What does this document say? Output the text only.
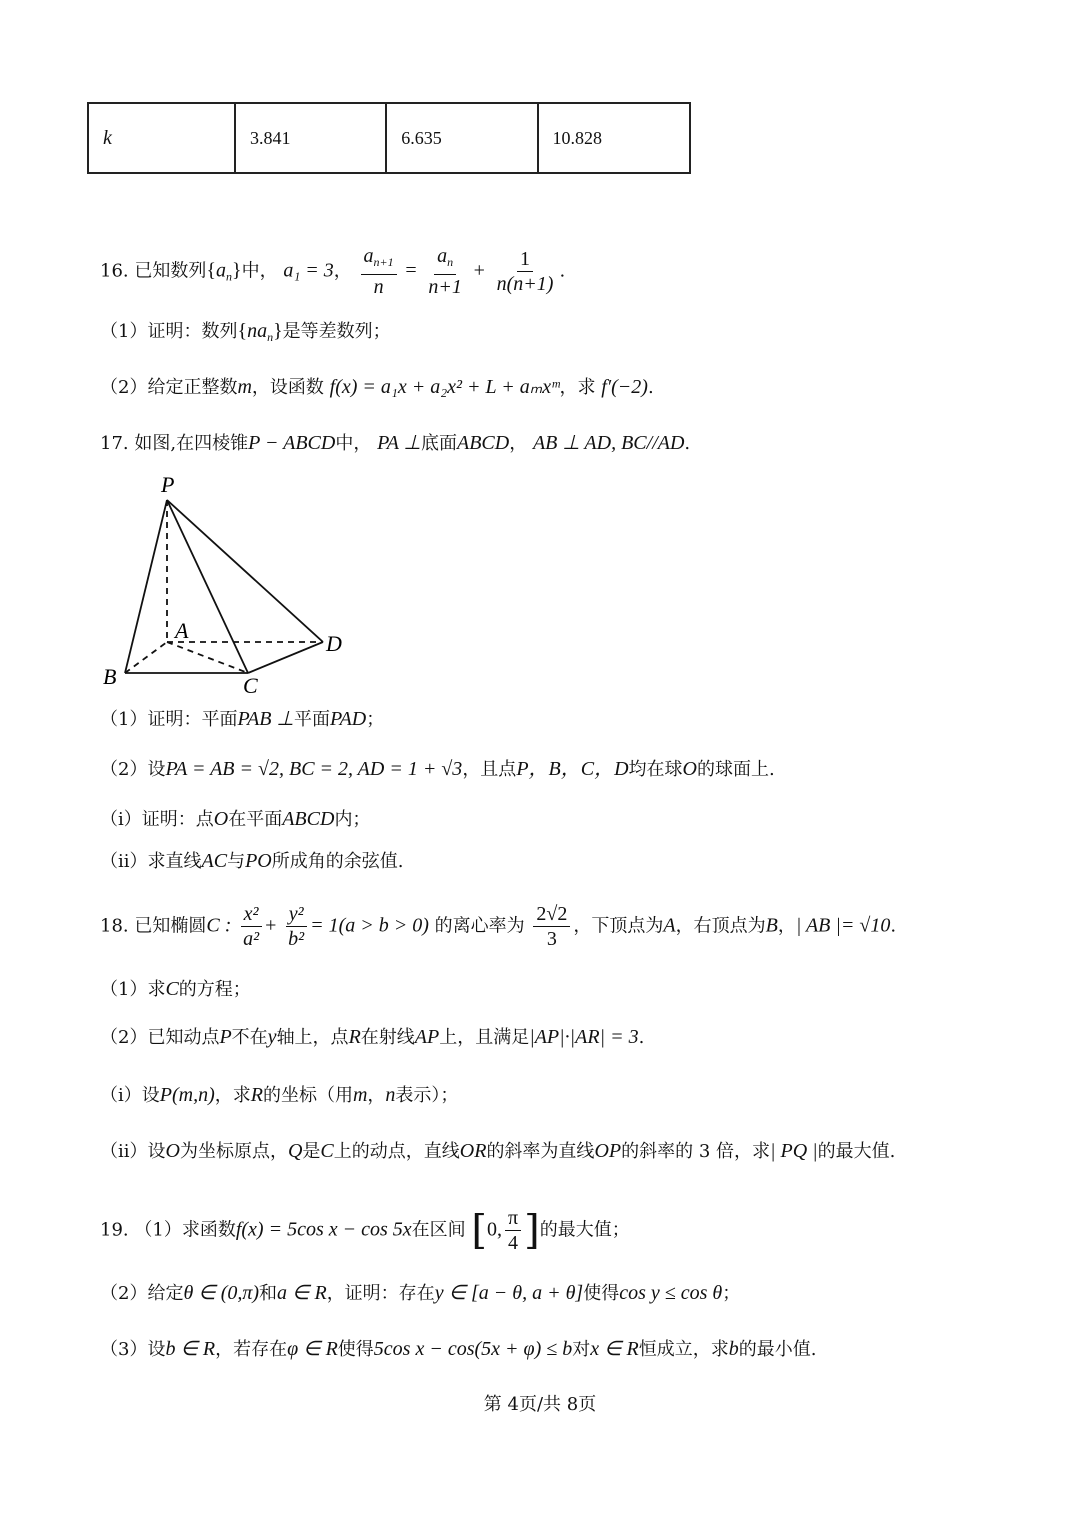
k	3.841	6.635	10.828
16. 已知数列$\{a_n\}$中， a₁ = 3， $\frac{a_{n+1}}{n} = \frac{a_n}{n+1} + \frac{1}{n(n+1)}$ .
（1）证明：数列$\{na_n\}$是等差数列；
（2）给定正整数m，设函数 f(x) = a₁x + a₂x² + L + aₘxᵐ，求 f′(−2).
17. 如图,在四棱锥P − ABCD中， PA ⊥底面ABCD， AB ⊥ AD, BC//AD.
P
A
B	C
D
（1）证明：平面PAB ⊥平面PAD；
（2）设PA = AB = √2, BC = 2, AD = 1 + √3，且点P，B，C，D均在球O的球面上.
（i）证明：点O在平面ABCD内；
（ii）求直线AC与PO所成角的余弦值.
18. 已知椭圆C : $\frac{\text{x²}}{\text{a²}} + \frac{\text{y²}}{\text{b²}} = 1(a > b > 0)$ 的离心率为 $\frac{2√2}{3}$ ，下顶点为A，右顶点为B，| AB |= √10.
（1）求C的方程；
（2）已知动点P不在y轴上，点R在射线AP上，且满足|AP|·|AR| = 3.
（i）设P(m,n)，求R的坐标（用m，n表示）；
（ii）设O为坐标原点，Q是C上的动点，直线OR的斜率为直线OP的斜率的 3 倍，求| PQ |的最大值.
19. （1）求函数f(x) = 5cos x − cos 5x在区间 [0, $\frac{\pi}{4}$ ]的最大值；
（2）给定θ ∈ (0,π)和a ∈ R，证明：存在y ∈ [a − θ, a + θ]使得cos y ≤ cos θ；
（3）设b ∈ R，若存在φ ∈ R使得5cos x − cos(5x + φ) ≤ b对x ∈ R恒成立，求b的最小值.
第 4页/共 8页
